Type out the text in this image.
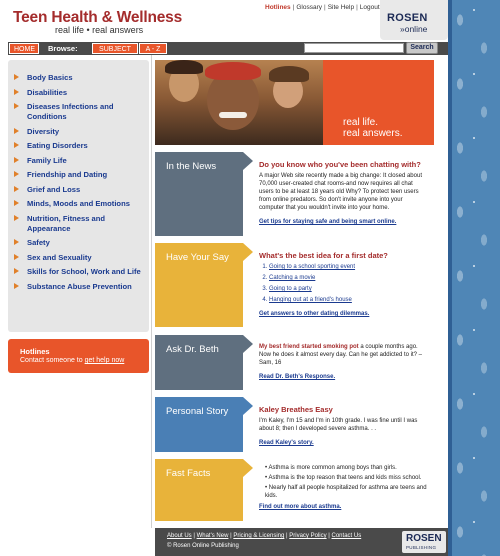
Teen Health & Wellness
real life • real answers
Hotlines | Glossary | Site Help | Logout
ROSEN
»online
HOME	Browse:	SUBJECT	A - Z	Search
Body Basics
Disabilities
Diseases Infections and Conditions
Diversity
Eating Disorders
Family Life
Friendship and Dating
Grief and Loss
Minds, Moods and Emotions
Nutrition, Fitness and Appearance
Safety
Sex and Sexuality
Skills for School, Work and Life
Substance Abuse Prevention
Hotlines
Contact someone to get help now
real life.
real answers.
In the News	Do you know who you've been chatting with?
A major Web site recently made a big change: It closed about 70,000 user-created chat rooms-and now requires all chat users to be at least 18 years old Why? To protect teen users from online predators. So don't invite anyone into your computer that you wouldn't invite into your home.
Get tips for staying safe and being smart online.
Have Your Say	What's the best idea for a first date?
1. Going to a school sporting event
2. Catching a movie
3. Going to a party
4. Hanging out at a friend's house
Get answers to other dating dilemmas.
Ask Dr. Beth	My best friend started smoking pot a couple months ago. Now he does it almost every day. Can he get addicted to it? –Sam, 16
Read Dr. Beth's Response.
Personal Story	Kaley Breathes Easy
I'm Kaley, I'm 15 and I'm in 10th grade. I was fine until I was about 8; then I developed severe asthma. . .
Read Kaley's story.
Fast Facts
•	Asthma is more common among boys than girls.
• Asthma is the top reason that teens and kids miss school.
• Nearly half all people hospitalized for asthma are teens and kids.
Find out more about asthma.
About Us | What's New | Pricing & Licensing | Privacy Policy | Contact Us
© Rosen Online Publishing
ROSEN
PUBLISHING
